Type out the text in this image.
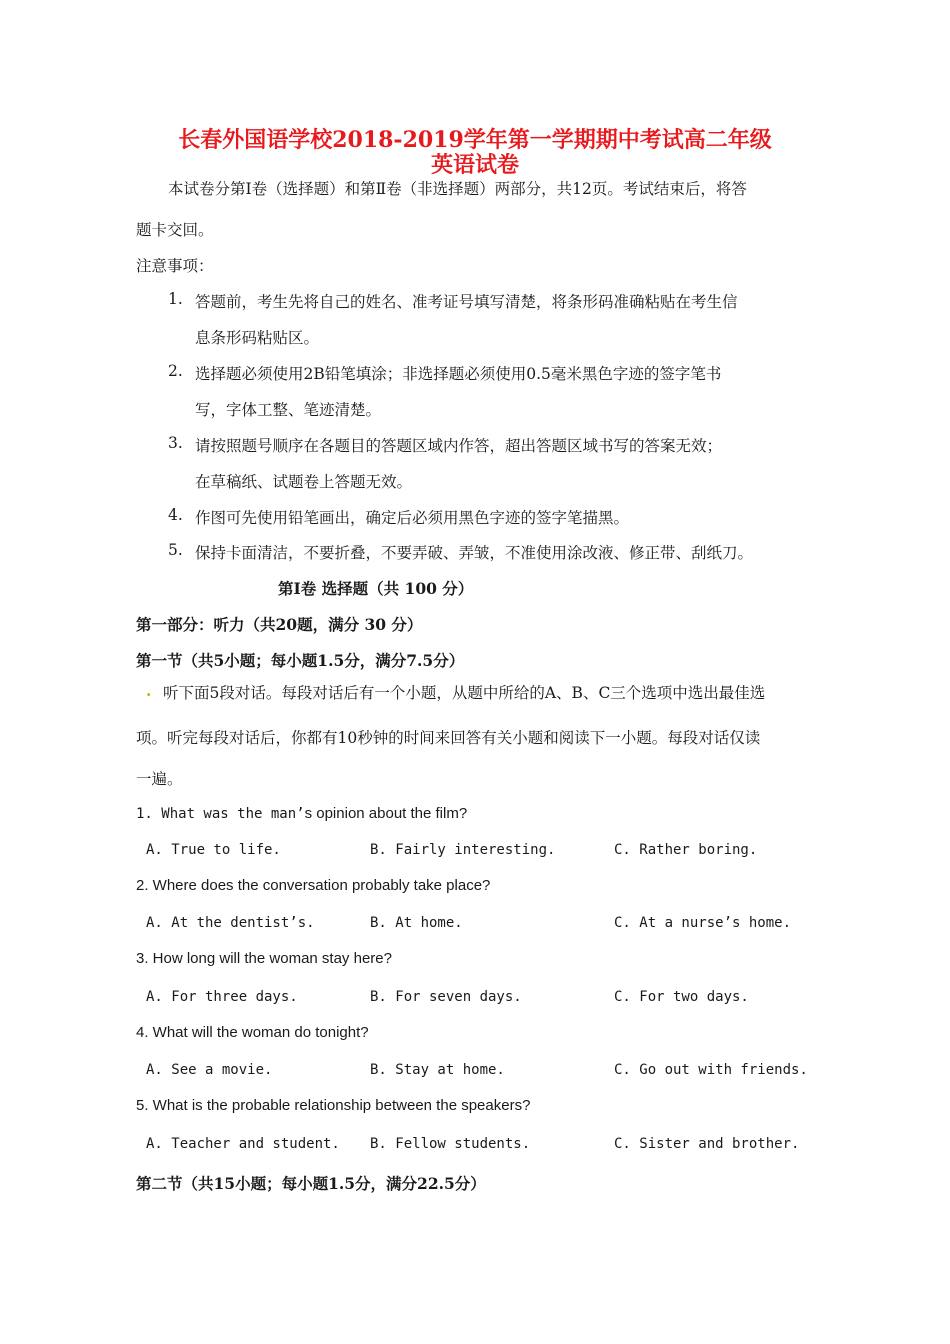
长春外国语学校2018-2019学年第一学期期中考试高二年级
英语试卷
本试卷分第Ⅰ卷（选择题）和第Ⅱ卷（非选择题）两部分，共12页。考试结束后，将答
题卡交回。
注意事项：
1. 答题前，考生先将自己的姓名、准考证号填写清楚，将条形码准确粘贴在考生信
息条形码粘贴区。
2. 选择题必须使用2B铅笔填涂；非选择题必须使用0.5毫米黑色字迹的签字笔书
写，字体工整、笔迹清楚。
3. 请按照题号顺序在各题目的答题区域内作答，超出答题区域书写的答案无效；
在草稿纸、试题卷上答题无效。
4. 作图可先使用铅笔画出，确定后必须用黑色字迹的签字笔描黑。
5. 保持卡面清洁，不要折叠，不要弄破、弄皱，不准使用涂改液、修正带、刮纸刀。
第Ⅰ卷 选择题（共 100 分）
第一部分：听力（共20题，满分 30 分）
第一节（共5小题；每小题1.5分，满分7.5分）
. 听下面5段对话。每段对话后有一个小题，从题中所给的A、B、C三个选项中选出最佳选
项。听完每段对话后，你都有10秒钟的时间来回答有关小题和阅读下一小题。每段对话仅读
一遍。
1. What was the man’s opinion about the film?
A. True to life.	B. Fairly interesting.	C. Rather boring.
2. Where does the conversation probably take place?
A. At the dentist’s.	B. At home.	C. At a nurse’s home.
3. How long will the woman stay here?
A. For three days.	B. For seven days.	C. For two days.
4. What will the woman do tonight?
A. See a movie.	B. Stay at home.	C. Go out with friends.
5. What is the probable relationship between the speakers?
A. Teacher and student. B. Fellow students.	C. Sister and brother.
第二节（共15小题；每小题1.5分，满分22.5分）
